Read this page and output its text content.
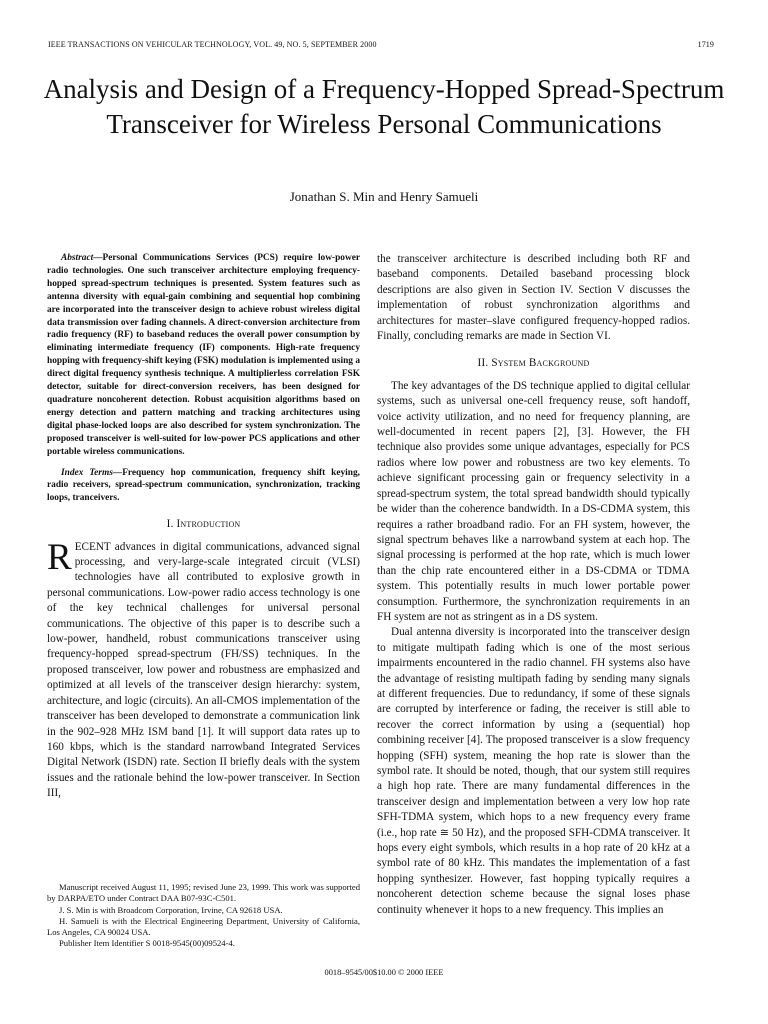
IEEE TRANSACTIONS ON VEHICULAR TECHNOLOGY, VOL. 49, NO. 5, SEPTEMBER 2000	1719
Analysis and Design of a Frequency-Hopped Spread-Spectrum Transceiver for Wireless Personal Communications
Jonathan S. Min and Henry Samueli

Abstract—Personal Communications Services (PCS) require low-power radio technologies. One such transceiver architecture employing frequency-hopped spread-spectrum techniques is presented. System features such as antenna diversity with equal-gain combining and sequential hop combining are incorporated into the transceiver design to achieve robust wireless digital data transmission over fading channels. A direct-conversion architecture from radio frequency (RF) to baseband reduces the overall power consumption by eliminating intermediate frequency (IF) components. High-rate frequency hopping with frequency-shift keying (FSK) modulation is implemented using a direct digital frequency synthesis technique. A multiplierless correlation FSK detector, suitable for direct-conversion receivers, has been designed for quadrature noncoherent detection. Robust acquisition algorithms based on energy detection and pattern matching and tracking architectures using digital phase-locked loops are also described for system synchronization. The proposed transceiver is well-suited for low-power PCS applications and other portable wireless communications.

Index Terms—Frequency hop communication, frequency shift keying, radio receivers, spread-spectrum communication, synchronization, tracking loops, tranceivers.

I. Introduction

RECENT advances in digital communications, advanced signal processing, and very-large-scale integrated circuit (VLSI) technologies have all contributed to explosive growth in personal communications. Low-power radio access technology is one of the key technical challenges for universal personal communications. The objective of this paper is to describe such a low-power, handheld, robust communications transceiver using frequency-hopped spread-spectrum (FH/SS) techniques. In the proposed transceiver, low power and robustness are emphasized and optimized at all levels of the transceiver design hierarchy: system, architecture, and logic (circuits). An all-CMOS implementation of the transceiver has been developed to demonstrate a communication link in the 902–928 MHz ISM band [1]. It will support data rates up to 160 kbps, which is the standard narrowband Integrated Services Digital Network (ISDN) rate. Section II briefly deals with the system issues and the rationale behind the low-power transceiver. In Section III,

Manuscript received August 11, 1995; revised June 23, 1999. This work was supported by DARPA/ETO under Contract DAA B07-93C-C501.

J. S. Min is with Broadcom Corporation, Irvine, CA 92618 USA.

H. Samueli is with the Electrical Engineering Department, University of California, Los Angeles, CA 90024 USA.

Publisher Item Identifier S 0018-9545(00)09524-4.

the transceiver architecture is described including both RF and baseband components. Detailed baseband processing block descriptions are also given in Section IV. Section V discusses the implementation of robust synchronization algorithms and architectures for master–slave configured frequency-hopped radios. Finally, concluding remarks are made in Section VI.

II. System Background

The key advantages of the DS technique applied to digital cellular systems, such as universal one-cell frequency reuse, soft handoff, voice activity utilization, and no need for frequency planning, are well-documented in recent papers [2], [3]. However, the FH technique also provides some unique advantages, especially for PCS radios where low power and robustness are two key elements. To achieve significant processing gain or frequency selectivity in a spread-spectrum system, the total spread bandwidth should typically be wider than the coherence bandwidth. In a DS-CDMA system, this requires a rather broadband radio. For an FH system, however, the signal spectrum behaves like a narrowband system at each hop. The signal processing is performed at the hop rate, which is much lower than the chip rate encountered either in a DS-CDMA or TDMA system. This potentially results in much lower portable power consumption. Furthermore, the synchronization requirements in an FH system are not as stringent as in a DS system.

Dual antenna diversity is incorporated into the transceiver design to mitigate multipath fading which is one of the most serious impairments encountered in the radio channel. FH systems also have the advantage of resisting multipath fading by sending many signals at different frequencies. Due to redundancy, if some of these signals are corrupted by interference or fading, the receiver is still able to recover the correct information by using a (sequential) hop combining receiver [4]. The proposed transceiver is a slow frequency hopping (SFH) system, meaning the hop rate is slower than the symbol rate. It should be noted, though, that our system still requires a high hop rate. There are many fundamental differences in the transceiver design and implementation between a very low hop rate SFH-TDMA system, which hops to a new frequency every frame (i.e., hop rate ≅ 50 Hz), and the proposed SFH-CDMA transceiver. It hops every eight symbols, which results in a hop rate of 20 kHz at a symbol rate of 80 kHz. This mandates the implementation of a fast hopping synthesizer. However, fast hopping typically requires a noncoherent detection scheme because the signal loses phase continuity whenever it hops to a new frequency. This implies an

0018–9545/00$10.00 © 2000 IEEE
